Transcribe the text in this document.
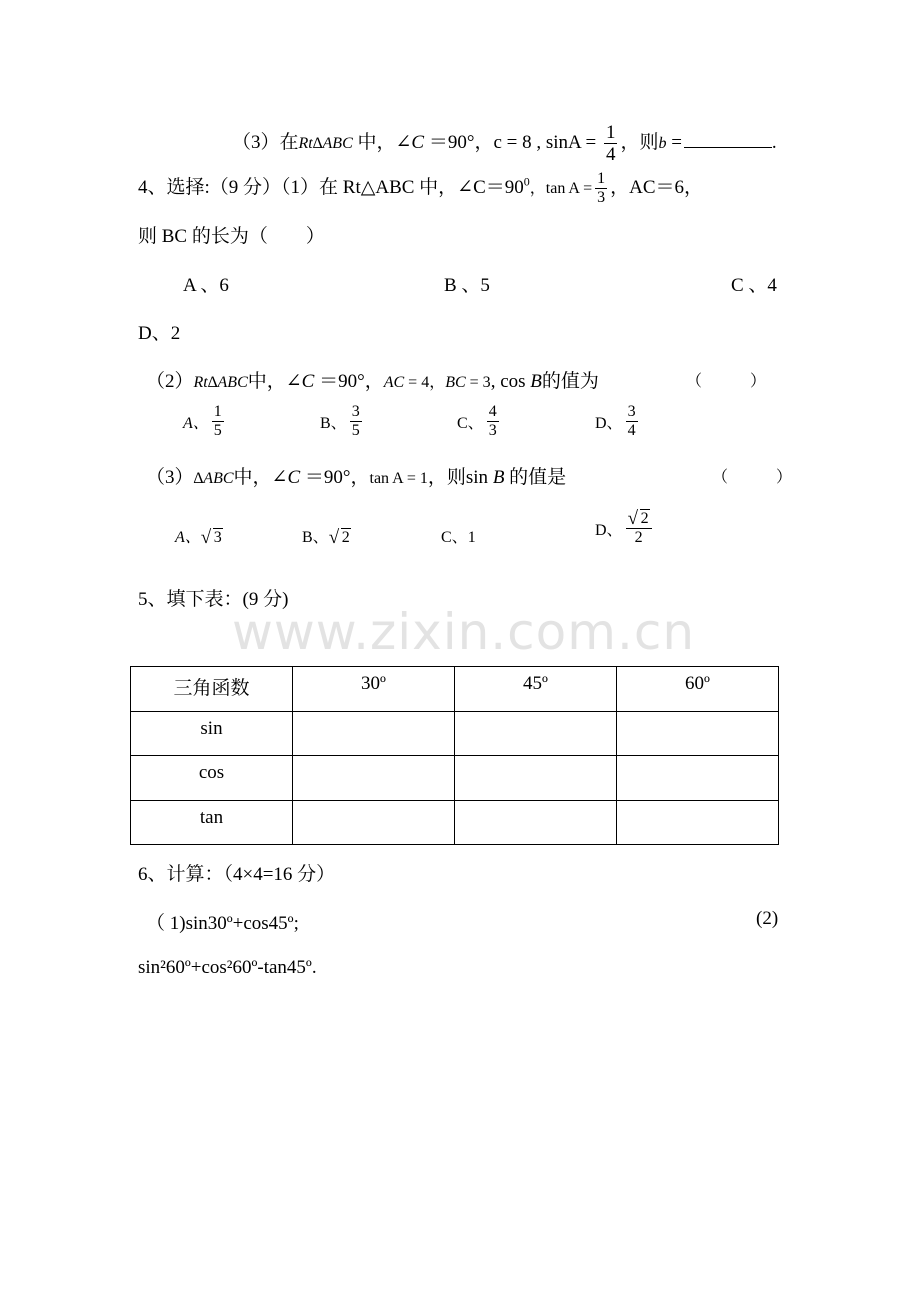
（3）在Rt∆ABC 中，∠C ＝90°，c = 8 , $\sin A = \frac{1}{4}$ ，则b =	.
4、选择:（9 分）（1）在 Rt△ABC 中，$\angle C=90^0$，$\tan A = \frac{1}{3}$ ，AC＝6，
则 BC 的长为（　　）
A 、6	B 、5	C 、4
D、2
（2）Rt∆ABC中，∠C ＝90°，AC = 4，BC = 3, cos B的值为	（　　　）
A、 $\frac{1}{5}$	B、 $\frac{3}{5}$	C、 $\frac{4}{3}$	D、 $\frac{3}{4}$
（3）∆ABC中，∠C ＝90°，tan A = 1，则sin B 的值是	（　　　）
A、 √ 3	B、 √ 2	C、1	D、 $\frac{√ 2}{2}$
5、填下表：(9 分)
www.zixin.com.cn
三角函数	30º	45º	60º
sin			
cos			
tan			
6、计算：（4×4=16 分）
（ 1)sin30º+cos45º;	(2)
sin²60º+cos²60º-tan45º.
